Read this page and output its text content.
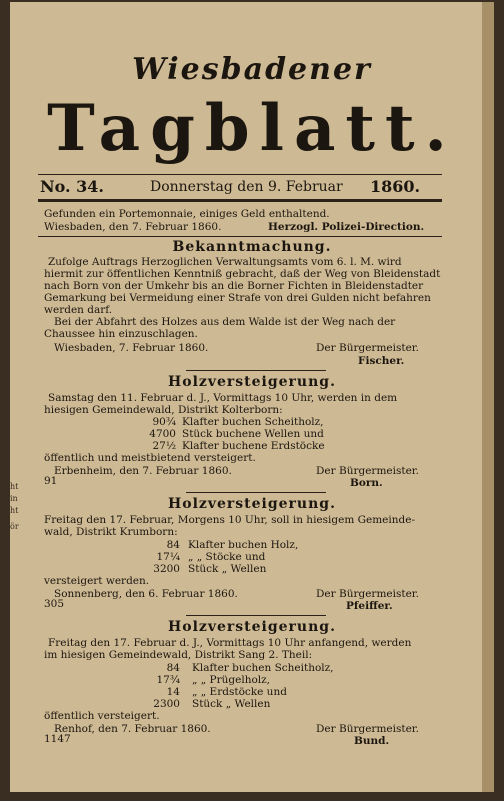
ht
in
ht
ör
Wiesbadener
Tagblatt.
No. 34.	Donnerstag den 9. Februar 1860.
Gefunden ein Portemonnaie, einiges Geld enthaltend.
Wiesbaden, den 7. Februar 1860.	Herzogl. Polizei-Direction.
Bekanntmachung.
Zufolge Auftrags Herzoglichen Verwaltungsamts vom 6. l. M. wird
hiermit zur öffentlichen Kenntniß gebracht, daß der Weg von Bleidenstadt
nach Born von der Umkehr bis an die Borner Fichten in Bleidenstadter
Gemarkung bei Vermeidung einer Strafe von drei Gulden nicht befahren
werden darf.
Bei der Abfahrt des Holzes aus dem Walde ist der Weg nach der
Chaussee hin einzuschlagen.
Wiesbaden, 7. Februar 1860.	Der Bürgermeister.
Fischer.
Holzversteigerung.
Samstag den 11. Februar d. J., Vormittags 10 Uhr, werden in dem
hiesigen Gemeindewald, Distrikt Kolterborn:
90¾ Klafter buchen Scheitholz,
4700 Stück buchene Wellen und
27½ Klafter buchene Erdstöcke
öffentlich und meistbietend versteigert.
Erbenheim, den 7. Februar 1860.	Der Bürgermeister.
91	Born.
Holzversteigerung.
Freitag den 17. Februar, Morgens 10 Uhr, soll in hiesigem Gemeinde-
wald, Distrikt Krumborn:
84 Klafter buchen Holz,
17¼ „ „ Stöcke und
3200 Stück „ Wellen
versteigert werden.
Sonnenberg, den 6. Februar 1860.	Der Bürgermeister.
305	Pfeiffer.
Holzversteigerung.
Freitag den 17. Februar d. J., Vormittags 10 Uhr anfangend, werden
im hiesigen Gemeindewald, Distrikt Sang 2. Theil:
84 Klafter buchen Scheitholz,
17¾ „ „ Prügelholz,
14 „ „ Erdstöcke und
2300 Stück „ Wellen
öffentlich versteigert.
Renhof, den 7. Februar 1860.	Der Bürgermeister.
1147	Bund.
